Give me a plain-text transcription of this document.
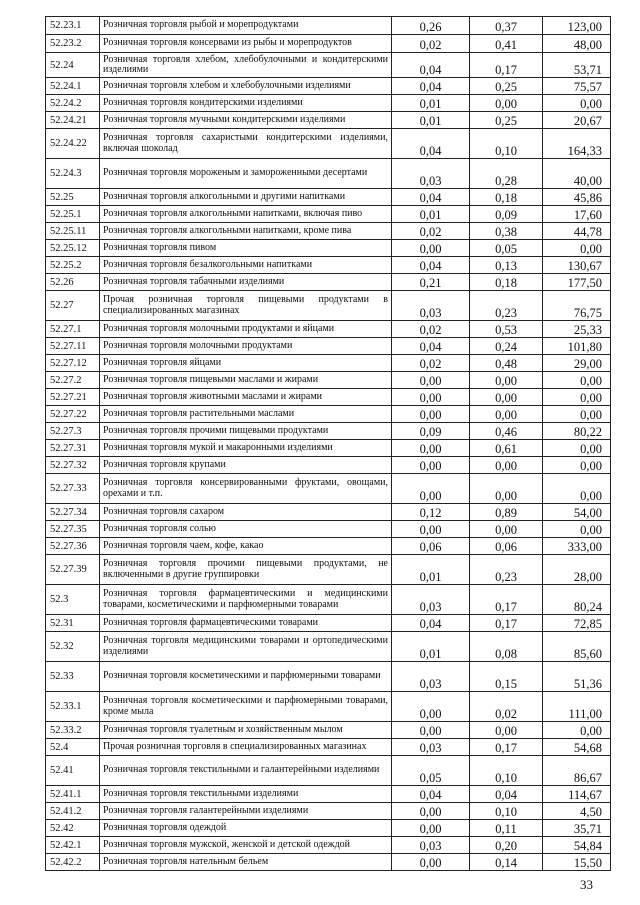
52.23.1	Розничная торговля рыбой и морепродуктами	0,26	0,37	123,00
52.23.2	Розничная торговля консервами из рыбы и морепродуктов	0,02	0,41	48,00
52.24	Розничная торговля хлебом, хлебобулочными и кондитерскими изделиями	0,04	0,17	53,71
52.24.1	Розничная торговля хлебом и хлебобулочными изделиями	0,04	0,25	75,57
52.24.2	Розничная торговля кондитерскими изделиями	0,01	0,00	0,00
52.24.21	Розничная торговля мучными кондитерскими изделиями	0,01	0,25	20,67
52.24.22	Розничная торговля сахаристыми кондитерскими изделиями, включая шоколад	0,04	0,10	164,33
52.24.3	Розничная торговля мороженым и замороженными десертами	0,03	0,28	40,00
52.25	Розничная торговля алкогольными и другими напитками	0,04	0,18	45,86
52.25.1	Розничная торговля алкогольными напитками, включая пиво	0,01	0,09	17,60
52.25.11	Розничная торговля алкогольными напитками, кроме пива	0,02	0,38	44,78
52.25.12	Розничная торговля пивом	0,00	0,05	0,00
52.25.2	Розничная торговля безалкогольными напитками	0,04	0,13	130,67
52.26	Розничная торговля табачными изделиями	0,21	0,18	177,50
52.27	Прочая розничная торговля пищевыми продуктами в специализированных магазинах	0,03	0,23	76,75
52.27.1	Розничная торговля молочными продуктами и яйцами	0,02	0,53	25,33
52.27.11	Розничная торговля молочными продуктами	0,04	0,24	101,80
52.27.12	Розничная торговля яйцами	0,02	0,48	29,00
52.27.2	Розничная торговля пищевыми маслами и жирами	0,00	0,00	0,00
52.27.21	Розничная торговля животными маслами и жирами	0,00	0,00	0,00
52.27.22	Розничная торговля растительными маслами	0,00	0,00	0,00
52.27.3	Розничная торговля прочими пищевыми продуктами	0,09	0,46	80,22
52.27.31	Розничная торговля мукой и макаронными изделиями	0,00	0,61	0,00
52.27.32	Розничная торговля крупами	0,00	0,00	0,00
52.27.33	Розничная торговля консервированными фруктами, овощами, орехами и т.п.	0,00	0,00	0,00
52.27.34	Розничная торговля сахаром	0,12	0,89	54,00
52.27.35	Розничная торговля солью	0,00	0,00	0,00
52.27.36	Розничная торговля чаем, кофе, какао	0,06	0,06	333,00
52.27.39	Розничная торговля прочими пищевыми продуктами, не включенными в другие группировки	0,01	0,23	28,00
52.3	Розничная торговля фармацевтическими и медицинскими товарами, косметическими и парфюмерными товарами	0,03	0,17	80,24
52.31	Розничная торговля фармацевтическими товарами	0,04	0,17	72,85
52.32	Розничная торговля медицинскими товарами и ортопедическими изделиями	0,01	0,08	85,60
52.33	Розничная торговля косметическими и парфюмерными товарами	0,03	0,15	51,36
52.33.1	Розничная торговля косметическими и парфюмерными товарами, кроме мыла	0,00	0,02	111,00
52.33.2	Розничная торговля туалетным и хозяйственным мылом	0,00	0,00	0,00
52.4	Прочая розничная торговля в специализированных магазинах	0,03	0,17	54,68
52.41	Розничная торговля текстильными и галантерейными изделиями	0,05	0,10	86,67
52.41.1	Розничная торговля текстильными изделиями	0,04	0,04	114,67
52.41.2	Розничная торговля галантерейными изделиями	0,00	0,10	4,50
52.42	Розничная торговля одеждой	0,00	0,11	35,71
52.42.1	Розничная торговля мужской, женской и детской одеждой	0,03	0,20	54,84
52.42.2	Розничная торговля нательным бельем	0,00	0,14	15,50
33
